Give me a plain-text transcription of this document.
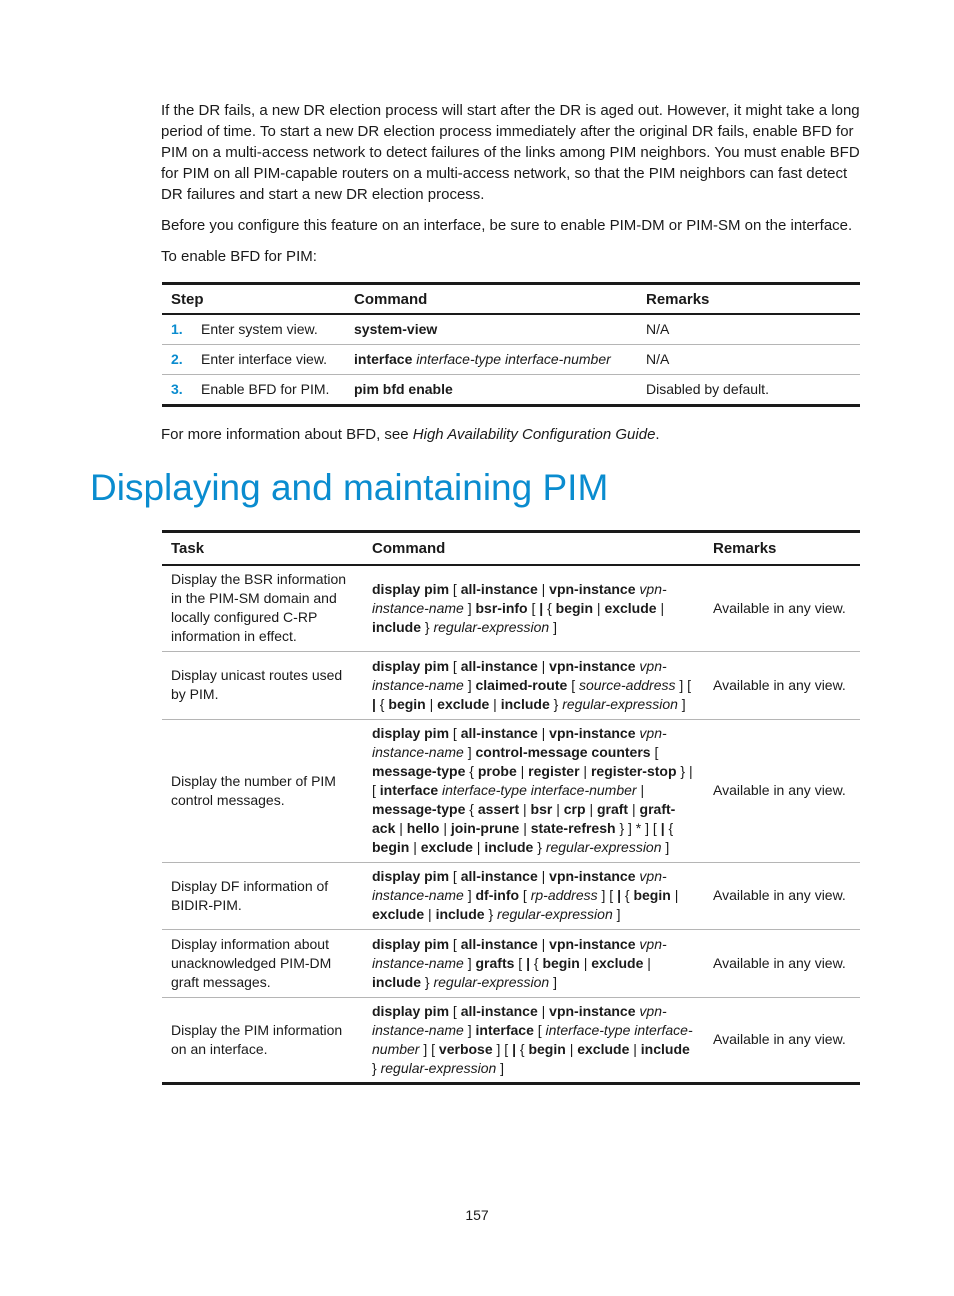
If the DR fails, a new DR election process will start after the DR is aged out. However, it might take a long period of time. To start a new DR election process immediately after the original DR fails, enable BFD for PIM on a multi-access network to detect failures of the links among PIM neighbors. You must enable BFD for PIM on all PIM-capable routers on a multi-access network, so that the PIM neighbors can fast detect DR failures and start a new DR election process.

Before you configure this feature on an interface, be sure to enable PIM-DM or PIM-SM on the interface.

To enable BFD for PIM:

Step	Command	Remarks
1. Enter system view.	system-view	N/A
2. Enter interface view.	interface interface-type interface-number	N/A
3. Enable BFD for PIM.	pim bfd enable	Disabled by default.

For more information about BFD, see High Availability Configuration Guide.

Displaying and maintaining PIM
Task	Command	Remarks
Display the BSR information in the PIM-SM domain and locally configured C-RP information in effect.	display pim [ all-instance | vpn-instance vpn-instance-name ] bsr-info [ | { begin | exclude | include } regular-expression ]	Available in any view.
Display unicast routes used by PIM.	display pim [ all-instance | vpn-instance vpn-instance-name ] claimed-route [ source-address ] [ | { begin | exclude | include } regular-expression ]	Available in any view.
Display the number of PIM control messages.	display pim [ all-instance | vpn-instance vpn-instance-name ] control-message counters [ message-type { probe | register | register-stop } | [ interface interface-type interface-number | message-type { assert | bsr | crp | graft | graft-ack | hello | join-prune | state-refresh } ] * ] [ | { begin | exclude | include } regular-expression ]	Available in any view.
Display DF information of BIDIR-PIM.	display pim [ all-instance | vpn-instance vpn-instance-name ] df-info [ rp-address ] [ | { begin | exclude | include } regular-expression ]	Available in any view.
Display information about unacknowledged PIM-DM graft messages.	display pim [ all-instance | vpn-instance vpn-instance-name ] grafts [ | { begin | exclude | include } regular-expression ]	Available in any view.
Display the PIM information on an interface.	display pim [ all-instance | vpn-instance vpn-instance-name ] interface [ interface-type interface-number ] [ verbose ] [ | { begin | exclude | include } regular-expression ]	Available in any view.

157
